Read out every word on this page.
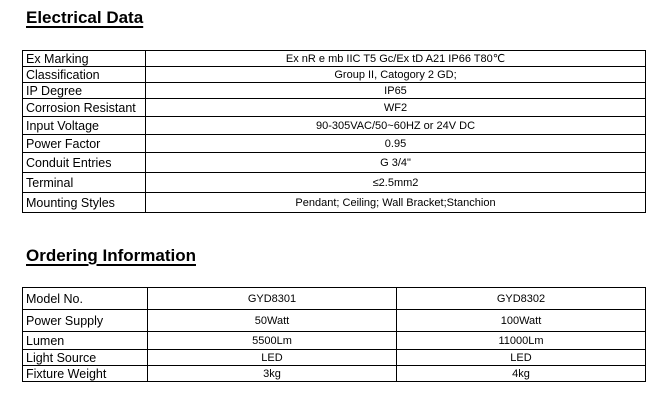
Electrical Data
Ex Marking	Ex nR e mb IIC T5 Gc/Ex tD A21 IP66 T80℃
Classification	Group II, Catogory 2 GD;
IP Degree	IP65
Corrosion Resistant	WF2
Input Voltage	90-305VAC/50~60HZ or 24V DC
Power Factor	0.95
Conduit Entries	G 3/4"
Terminal	≤2.5mm2
Mounting Styles	Pendant; Ceiling; Wall Bracket;Stanchion
Ordering Information
Model No.	GYD8301	GYD8302
Power Supply	50Watt	100Watt
Lumen	5500Lm	11000Lm
Light Source	LED	LED
Fixture Weight	3kg	4kg
